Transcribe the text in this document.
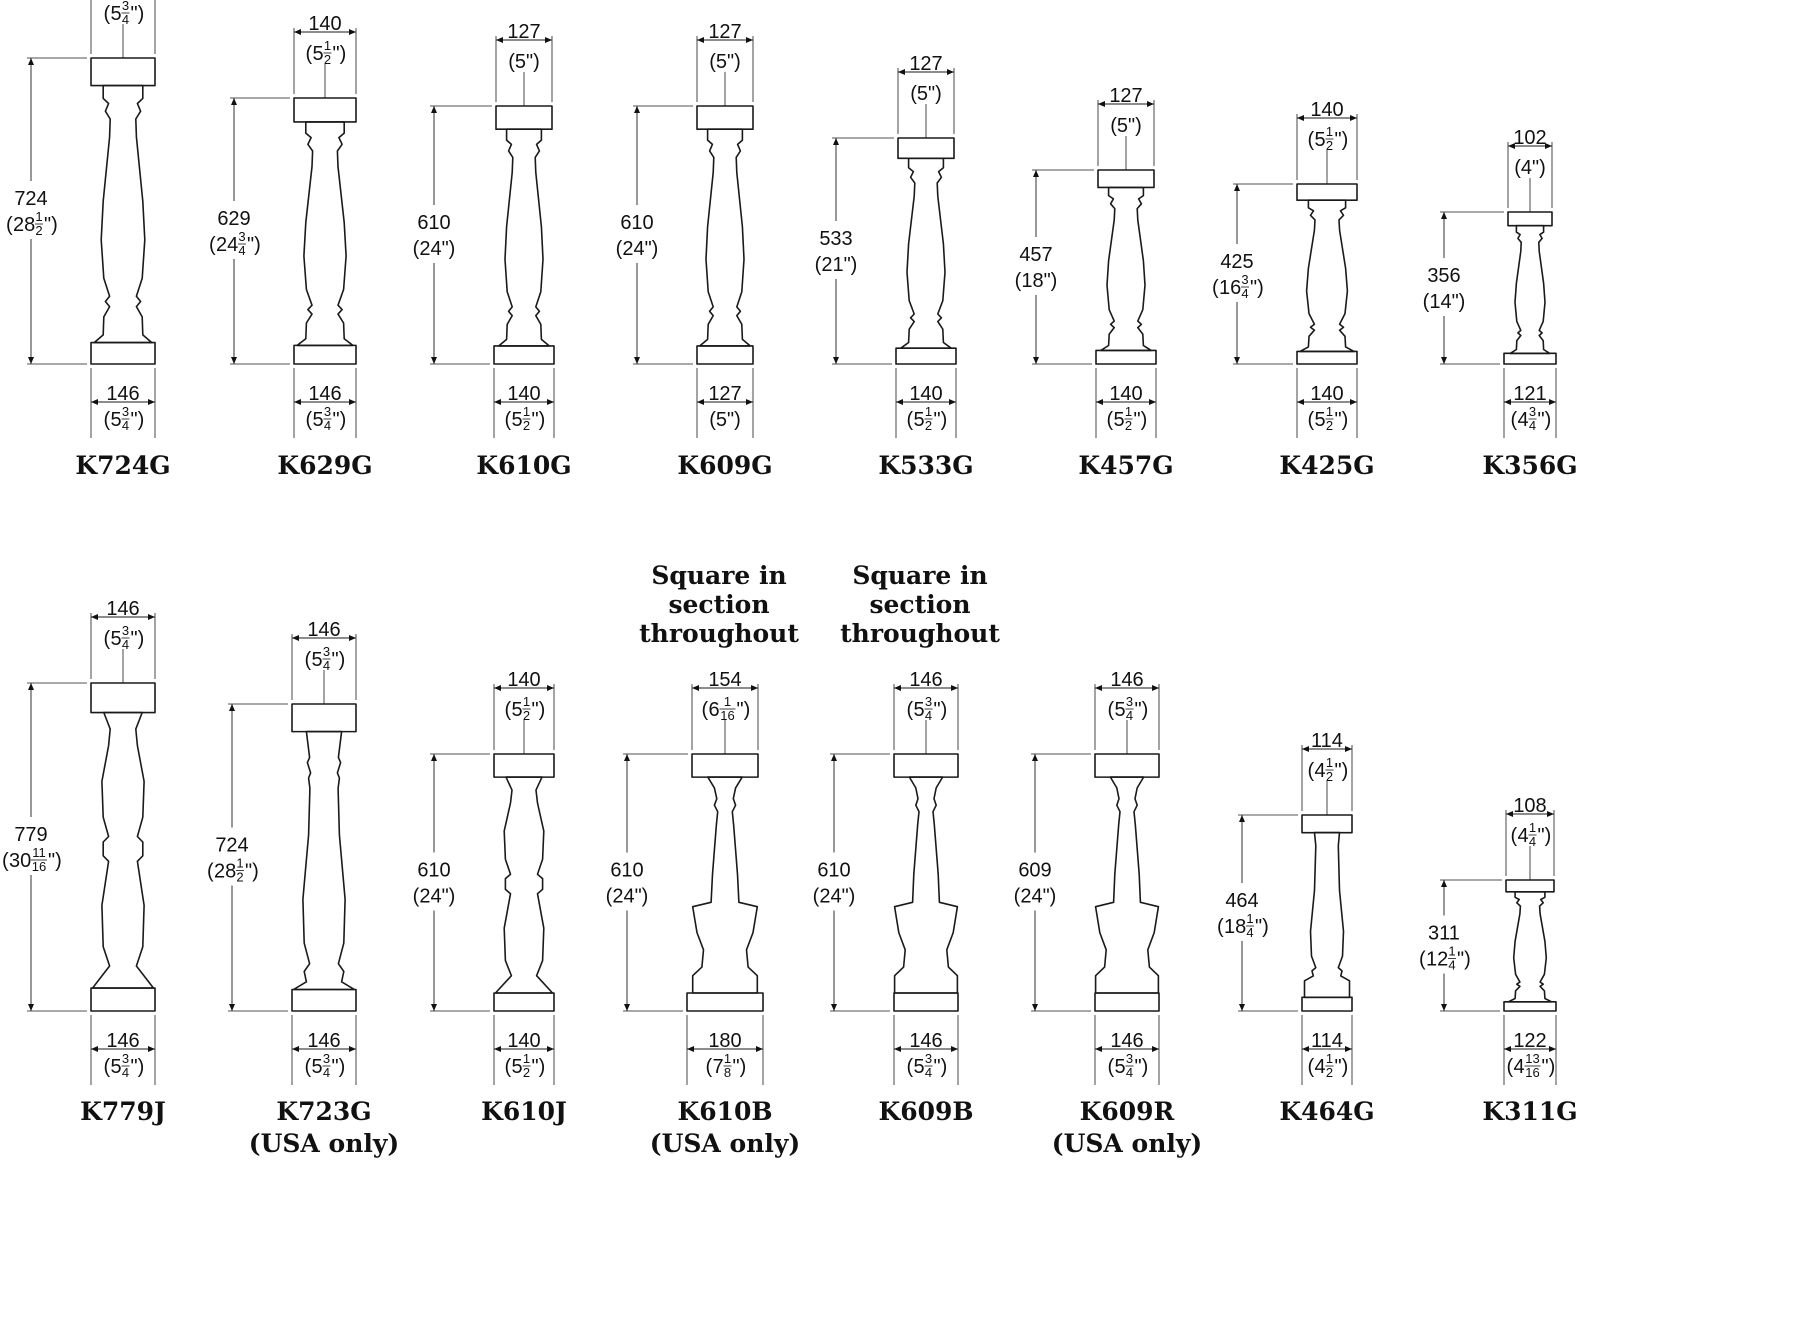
( 5 3
4 ")
146
( 5 3
4 ")
724
( 28 1
2 ")
K724G
140
( 5 1
2 ")
146
( 5 3
4 ")
629
( 24 3
4 ")
K629G
127
(5")
140
( 5 1
2 ")
610
(24")
K610G
127
(5")
127
(5")
610
(24")
K609G
127
(5")
140
( 5 1
2 ")
533
(21")
K533G
127
(5")
140
( 5 1
2 ")
457
(18")
K457G
140
( 5 1
2 ")
140
( 5 1
2 ")
425
( 16 3
4 ")
K425G
102
(4")
121
( 4 3
4 ")
356
(14")
K356G
146
( 5 3
4 ")
146
( 5 3
4 ")
779
( 30 11
16 ")
K779J
146
( 5 3
4 ")
146
( 5 3
4 ")
724
( 28 1
2 ")
K723G
(USA only)
140
( 5 1
2 ")
140
( 5 1
2 ")
610
(24")
K610J
154
( 6 1
16 ")
180
( 7 1
8 ")
610
(24")
K610B
(USA only)
Square in
section
throughout
146
( 5 3
4 ")
146
( 5 3
4 ")
610
(24")
K609B
Square in
section
throughout
146
( 5 3
4 ")
146
( 5 3
4 ")
609
(24")
K609R
(USA only)
114
( 4 1
2 ")
114
( 4 1
2 ")
464
( 18 1
4 ")
K464G
108
( 4 1
4 ")
122
( 4 13
16 ")
311
( 12 1
4 ")
K311G
